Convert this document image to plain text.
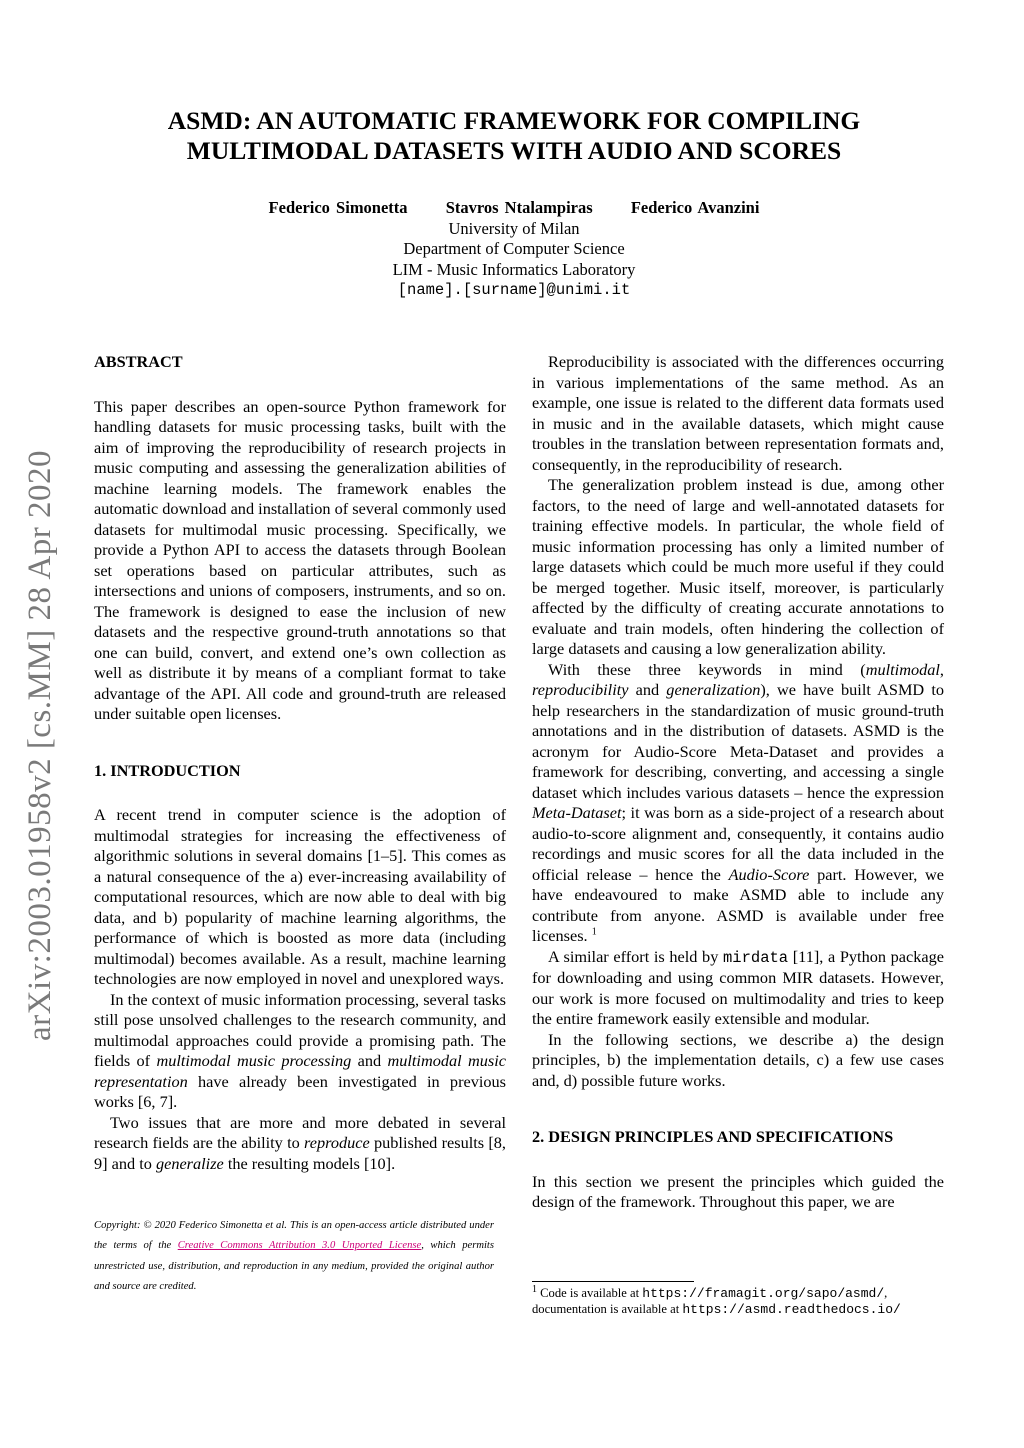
arXiv:2003.01958v2 [cs.MM] 28 Apr 2020
ASMD: AN AUTOMATIC FRAMEWORK FOR COMPILING
MULTIMODAL DATASETS WITH AUDIO AND SCORES
Federico Simonetta Stavros Ntalampiras Federico Avanzini
University of Milan
Department of Computer Science
LIM - Music Informatics Laboratory
[name].[surname]@unimi.it

ABSTRACT

This paper describes an open-source Python framework for handling datasets for music processing tasks, built with the aim of improving the reproducibility of research projects in music computing and assessing the generalization abilities of machine learning models. The framework enables the automatic download and installation of several commonly used datasets for multimodal music processing. Specifically, we provide a Python API to access the datasets through Boolean set operations based on particular attributes, such as intersections and unions of composers, instruments, and so on. The framework is designed to ease the inclusion of new datasets and the respective ground-truth annotations so that one can build, convert, and extend one’s own collection as well as distribute it by means of a compliant format to take advantage of the API. All code and ground-truth are released under suitable open licenses.

1. INTRODUCTION

A recent trend in computer science is the adoption of multimodal strategies for increasing the effectiveness of algorithmic solutions in several domains [1–5]. This comes as a natural consequence of the a) ever-increasing availability of computational resources, which are now able to deal with big data, and b) popularity of machine learning algorithms, the performance of which is boosted as more data (including multimodal) becomes available. As a result, machine learning technologies are now employed in novel and unexplored ways.

In the context of music information processing, several tasks still pose unsolved challenges to the research community, and multimodal approaches could provide a promising path. The fields of multimodal music processing and multimodal music representation have already been investigated in previous works [6, 7].

Two issues that are more and more debated in several research fields are the ability to reproduce published results [8, 9] and to generalize the resulting models [10].

Copyright: © 2020 Federico Simonetta et al. This is an open-access article distributed under the terms of the Creative Commons Attribution 3.0 Unported License, which permits unrestricted use, distribution, and reproduction in any medium, provided the original author and source are credited.

Reproducibility is associated with the differences occurring in various implementations of the same method. As an example, one issue is related to the different data formats used in music and in the available datasets, which might cause troubles in the translation between representation formats and, consequently, in the reproducibility of research.

The generalization problem instead is due, among other factors, to the need of large and well-annotated datasets for training effective models. In particular, the whole field of music information processing has only a limited number of large datasets which could be much more useful if they could be merged together. Music itself, moreover, is particularly affected by the difficulty of creating accurate annotations to evaluate and train models, often hindering the collection of large datasets and causing a low generalization ability.

With these three keywords in mind (multimodal, reproducibility and generalization), we have built ASMD to help researchers in the standardization of music ground-truth annotations and in the distribution of datasets. ASMD is the acronym for Audio-Score Meta-Dataset and provides a framework for describing, converting, and accessing a single dataset which includes various datasets – hence the expression Meta-Dataset; it was born as a side-project of a research about audio-to-score alignment and, consequently, it contains audio recordings and music scores for all the data included in the official release – hence the Audio-Score part. However, we have endeavoured to make ASMD able to include any contribute from anyone. ASMD is available under free licenses. $^1$

A similar effort is held by mirdata [11], a Python package for downloading and using common MIR datasets. However, our work is more focused on multimodality and tries to keep the entire framework easily extensible and modular.

In the following sections, we describe a) the design principles, b) the implementation details, c) a few use cases and, d) possible future works.

2. DESIGN PRINCIPLES AND SPECIFICATIONS

In this section we present the principles which guided the design of the framework. Throughout this paper, we are

$^1$ Code is available at https://framagit.org/sapo/asmd/, documentation is available at https://asmd.readthedocs.io/
